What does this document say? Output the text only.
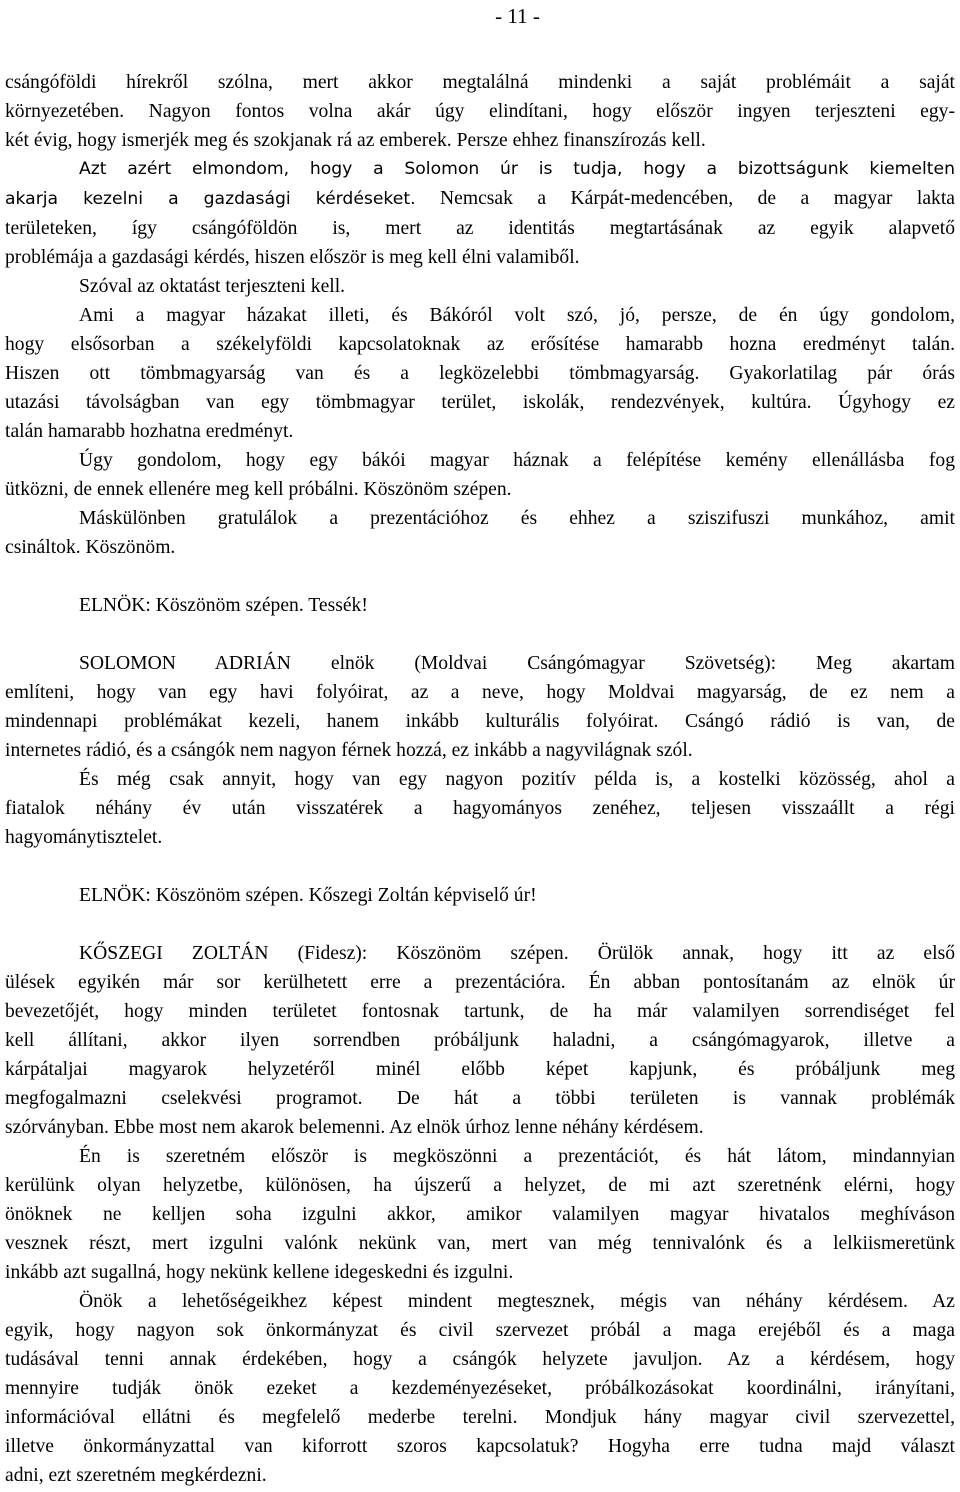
- 11 -
csángóföldi hírekről szólna, mert akkor megtalálná mindenki a saját problémáit a saját
környezetében. Nagyon fontos volna akár úgy elindítani, hogy először ingyen terjeszteni egy-
két évig, hogy ismerjék meg és szokjanak rá az emberek. Persze ehhez finanszírozás kell.
Azt azért elmondom, hogy a Solomon úr is tudja, hogy a bizottságunk kiemelten
akarja kezelni a gazdasági kérdéseket. Nemcsak a Kárpát-medencében, de a magyar lakta
területeken, így csángóföldön is, mert az identitás megtartásának az egyik alapvető
problémája a gazdasági kérdés, hiszen először is meg kell élni valamiből.
Szóval az oktatást terjeszteni kell.
Ami a magyar házakat illeti, és Bákóról volt szó, jó, persze, de én úgy gondolom,
hogy elsősorban a székelyföldi kapcsolatoknak az erősítése hamarabb hozna eredményt talán.
Hiszen ott tömbmagyarság van és a legközelebbi tömbmagyarság. Gyakorlatilag pár órás
utazási távolságban van egy tömbmagyar terület, iskolák, rendezvények, kultúra. Úgyhogy ez
talán hamarabb hozhatna eredményt.
Úgy gondolom, hogy egy bákói magyar háznak a felépítése kemény ellenállásba fog
ütközni, de ennek ellenére meg kell próbálni. Köszönöm szépen.
Máskülönben gratulálok a prezentációhoz és ehhez a sziszifuszi munkához, amit
csináltok. Köszönöm.
ELNÖK: Köszönöm szépen. Tessék!
SOLOMON ADRIÁN elnök (Moldvai Csángómagyar Szövetség): Meg akartam
említeni, hogy van egy havi folyóirat, az a neve, hogy Moldvai magyarság, de ez nem a
mindennapi problémákat kezeli, hanem inkább kulturális folyóirat. Csángó rádió is van, de
internetes rádió, és a csángók nem nagyon férnek hozzá, ez inkább a nagyvilágnak szól.
És még csak annyit, hogy van egy nagyon pozitív példa is, a kostelki közösség, ahol a
fiatalok néhány év után visszatérek a hagyományos zenéhez, teljesen visszaállt a régi
hagyománytisztelet.
ELNÖK: Köszönöm szépen. Kőszegi Zoltán képviselő úr!
KŐSZEGI ZOLTÁN (Fidesz): Köszönöm szépen. Örülök annak, hogy itt az első
ülések egyikén már sor kerülhetett erre a prezentációra. Én abban pontosítanám az elnök úr
bevezetőjét, hogy minden területet fontosnak tartunk, de ha már valamilyen sorrendiséget fel
kell állítani, akkor ilyen sorrendben próbáljunk haladni, a csángómagyarok, illetve a
kárpátaljai magyarok helyzetéről minél előbb képet kapjunk, és próbáljunk meg
megfogalmazni cselekvési programot. De hát a többi területen is vannak problémák
szórványban. Ebbe most nem akarok belemenni. Az elnök úrhoz lenne néhány kérdésem.
Én is szeretném először is megköszönni a prezentációt, és hát látom, mindannyian
kerülünk olyan helyzetbe, különösen, ha újszerű a helyzet, de mi azt szeretnénk elérni, hogy
önöknek ne kelljen soha izgulni akkor, amikor valamilyen magyar hivatalos meghíváson
vesznek részt, mert izgulni valónk nekünk van, mert van még tennivalónk és a lelkiismeretünk
inkább azt sugallná, hogy nekünk kellene idegeskedni és izgulni.
Önök a lehetőségeikhez képest mindent megtesznek, mégis van néhány kérdésem. Az
egyik, hogy nagyon sok önkormányzat és civil szervezet próbál a maga erejéből és a maga
tudásával tenni annak érdekében, hogy a csángók helyzete javuljon. Az a kérdésem, hogy
mennyire tudják önök ezeket a kezdeményezéseket, próbálkozásokat koordinálni, irányítani,
információval ellátni és megfelelő mederbe terelni. Mondjuk hány magyar civil szervezettel,
illetve önkormányzattal van kiforrott szoros kapcsolatuk? Hogyha erre tudna majd választ
adni, ezt szeretném megkérdezni.
